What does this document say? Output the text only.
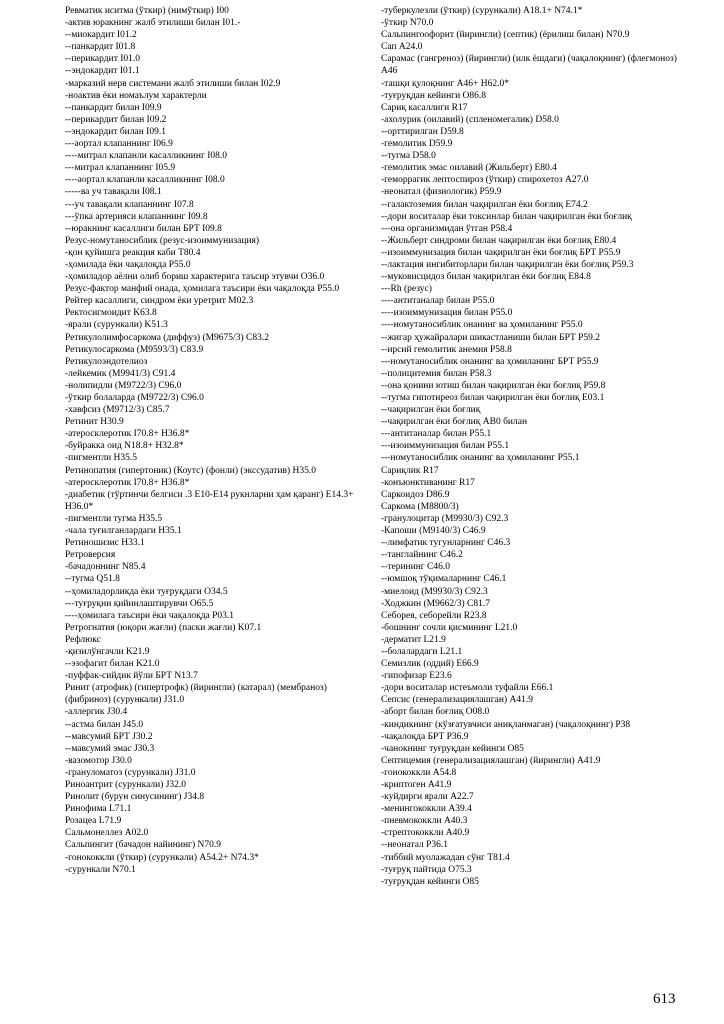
Ревматик иситма (ўткир) (нимўткир) I00
-актив юракнинг жалб этилиши билан I01.-
--миокардит I01.2
--панкардит I01.8
--перикардит I01.0
--эндокардит I01.1
-марказий нерв системани жалб этилиши билан I02.9
-ноактив ёки номаълум характерли
--панкардит билан I09.9
--перикардит билан I09.2
--эндокардит билан I09.1
---аортал клапаннинг I06.9
----митрал клапанли касалликнинг I08.0
---митрал клапаннинг I05.9
----аортал клапанли касалликнинг I08.0
-----ва уч тавақали I08.1
---уч тавақали клапаннинг I07.8
---ўпка артерияси клапаннинг I09.8
--юракнинг касаллиги билан БРТ I09.8
Резус-номутаносиблик (резус-изоиммунизация)
-қон қуйишга реакция каби T80.4
-ҳомилада ёки чақалоқда P55.0
-ҳомиладор аёлни олиб бориш характерига таъсир этувчи O36.0
Резус-фактор манфий онада, ҳомилага таъсири ёки чақалоқда P55.0
Рейтер касаллиги, синдром ёки уретрит M02.3
Ректосигмоидит K63.8
-ярали (сурункали) K51.3
Ретикулолимфосаркома (диффуз) (M9675/3) C83.2
Ретикулосаркома (M9593/3) C83.9
Ретикулоэндотелиоз
-лейкемик (M9941/3) C91.4
-нолипидли (M9722/3) C96.0
-ўткир болаларда (M9722/3) C96.0
-хавфсиз (M9712/3) C85.7
Ретинит H30.9
-атеросклеротик I70.8+ H36.8*
-буйракка оид N18.8+ H32.8*
-пигментли H35.5
Ретинопатия (гипертоник) (Коутс) (фонли) (экссудатив) H35.0
-атеросклеротик I70.8+ H36.8*
-диабетик (тўртинчи белгиси .3 E10-E14 рукнларни ҳам қаранг) E14.3+ H36.0*
-пигментли тугма H35.5
-чала туғилганлардаги H35.1
Ретиношизис H33.1
Ретроверсия
-бачадоннинг N85.4
--тугма Q51.8
--ҳомиладорликда ёки туғруқдаги O34.5
---туғруқни қийинлаштирувчи O65.5
----ҳомилага таъсири ёки чақалоқда P03.1
Ретрогнатия (юқори жағли) (паски жағли) K07.1
Рефлюкс
-қизилўнгачли K21.9
--эзофагит билан K21.0
-пуффак-сийдик йўли БРТ N13.7
Ринит (атрофик) (гипертрофк) (йирингли) (катарал) (мембраноз) (фибриноз) (сурункали) J31.0
-аллергик J30.4
--астма билан J45.0
--мавсумий БРТ J30.2
--мавсумий эмас J30.3
-вазомотор J30.0
-грануломатоз (сурункали) J31.0
Риноантрит (сурункали) J32.0
Ринолит (бурун синусининг) J34.8
Ринофима L71.1
Розацеа L71.9
Сальмонеллез A02.0
Сальпингит (бачадон найининг) N70.9
-гонококкли (ўткир) (сурункали) A54.2+ N74.3*
-сурункали N70.1
-туберкулезли (ўткир) (сурункали) A18.1+ N74.1*
-ўткир N70.0
Сальпингоофорит (йирингли) (септик) (ёрилиш билан) N70.9
Сап A24.0
Сарамас (гангреноз) (йирингли) (илк ёшдаги) (чақалоқнинг) (флегмоноз) A46
-ташқи қулоқнинг A46+ H62.0*
-туғруқдан кейинги O86.8
Сариқ касаллиги R17
-ахолурик (оилавий) (спленомегалик) D58.0
--орттирилган D59.8
-гемолитик D59.9
--тугма D58.0
-гемолитик эмас оилавий (Жильберт) E80.4
-геморрагик лептоспироз (ўткир) спирохетоз A27.0
-неонатал (физиологик) P59.9
--галактоземия билан чақирилган ёки боғлиқ E74.2
--дори воситалар ёки токсинлар билан чақирилган ёки боғлиқ
---она организмидан ўтган P58.4
--Жильберт синдроми билан чақирилган ёки боғлиқ E80.4
--изоиммунизация билан чақирилган ёки боғлиқ БРТ P55.9
--лактация ингибиторлари билан чақирилган ёки боғлиқ P59.3
--муковисцидоз билан чақирилган ёки боғлиқ E84.8
---Rh (резус)
----антитаналар билан P55.0
----изоиммунизация билан P55.0
----номутаносиблик онанинг ва ҳомиланинг P55.0
--жигар ҳужайралари шикастланиши билан БРТ P59.2
--ирсий гемолитик анемия P58.8
---номутаносиблик онанинг ва ҳомиланинг БРТ P55.9
--полицитемия билан P58.3
--она қонини ютиш билан чақирилган ёки боғлиқ P59.8
--тугма гипотиреоз билан чақирилган ёки боғлиқ E03.1
--чақирилган ёки боғлиқ
--чақирилган ёки боғлиқ AB0 билан
---антитаналар билан P55.1
---изоиммунизация билан P55.1
---номутаносиблик онанинг ва ҳомиланинг P55.1
Сариқлик R17
-конъюнктиванинг R17
Саркоидоз D86.9
Саркома (M8800/3)
-гранулоцитар (M9930/3) C92.3
-Капоши (M9140/3) C46.9
--лимфатик тугунларнинг C46.3
--танглайнинг C46.2
--терининг C46.0
--юмшоқ тўқималарнинг C46.1
-миелоид (M9930/3) C92.3
-Ходжкин (M9662/3) C81.7
Себорея, себорейли R23.8
-бошнинг сочли қисмининг L21.0
-дерматит L21.9
--болалардаги L21.1
Семизлик (оддий) E66.9
-гипофизар E23.6
-дори воситалар истеъмоли туфайли E66.1
Сепсис (генерализациялашган) A41.9
-аборт билан боғлиқ O08.0
-киндикнинг (кўзғатувчиси аниқланмаган) (чақалоқнинг) P38
-чақалоқда БРТ P36.9
-чанокнинг туғруқдан кейинги O85
Септицемия (генерализациялашган) (йирингли) A41.9
-гонококкли A54.8
-криптоген A41.9
-куйдирги ярали A22.7
-менингококкли A39.4
-пневмококкли A40.3
-стрептококкли A40.9
--неонатал P36.1
-тиббий муолажадан сўнг T81.4
-туғруқ пайтида O75.3
-туғруқдан кейинги O85
613
